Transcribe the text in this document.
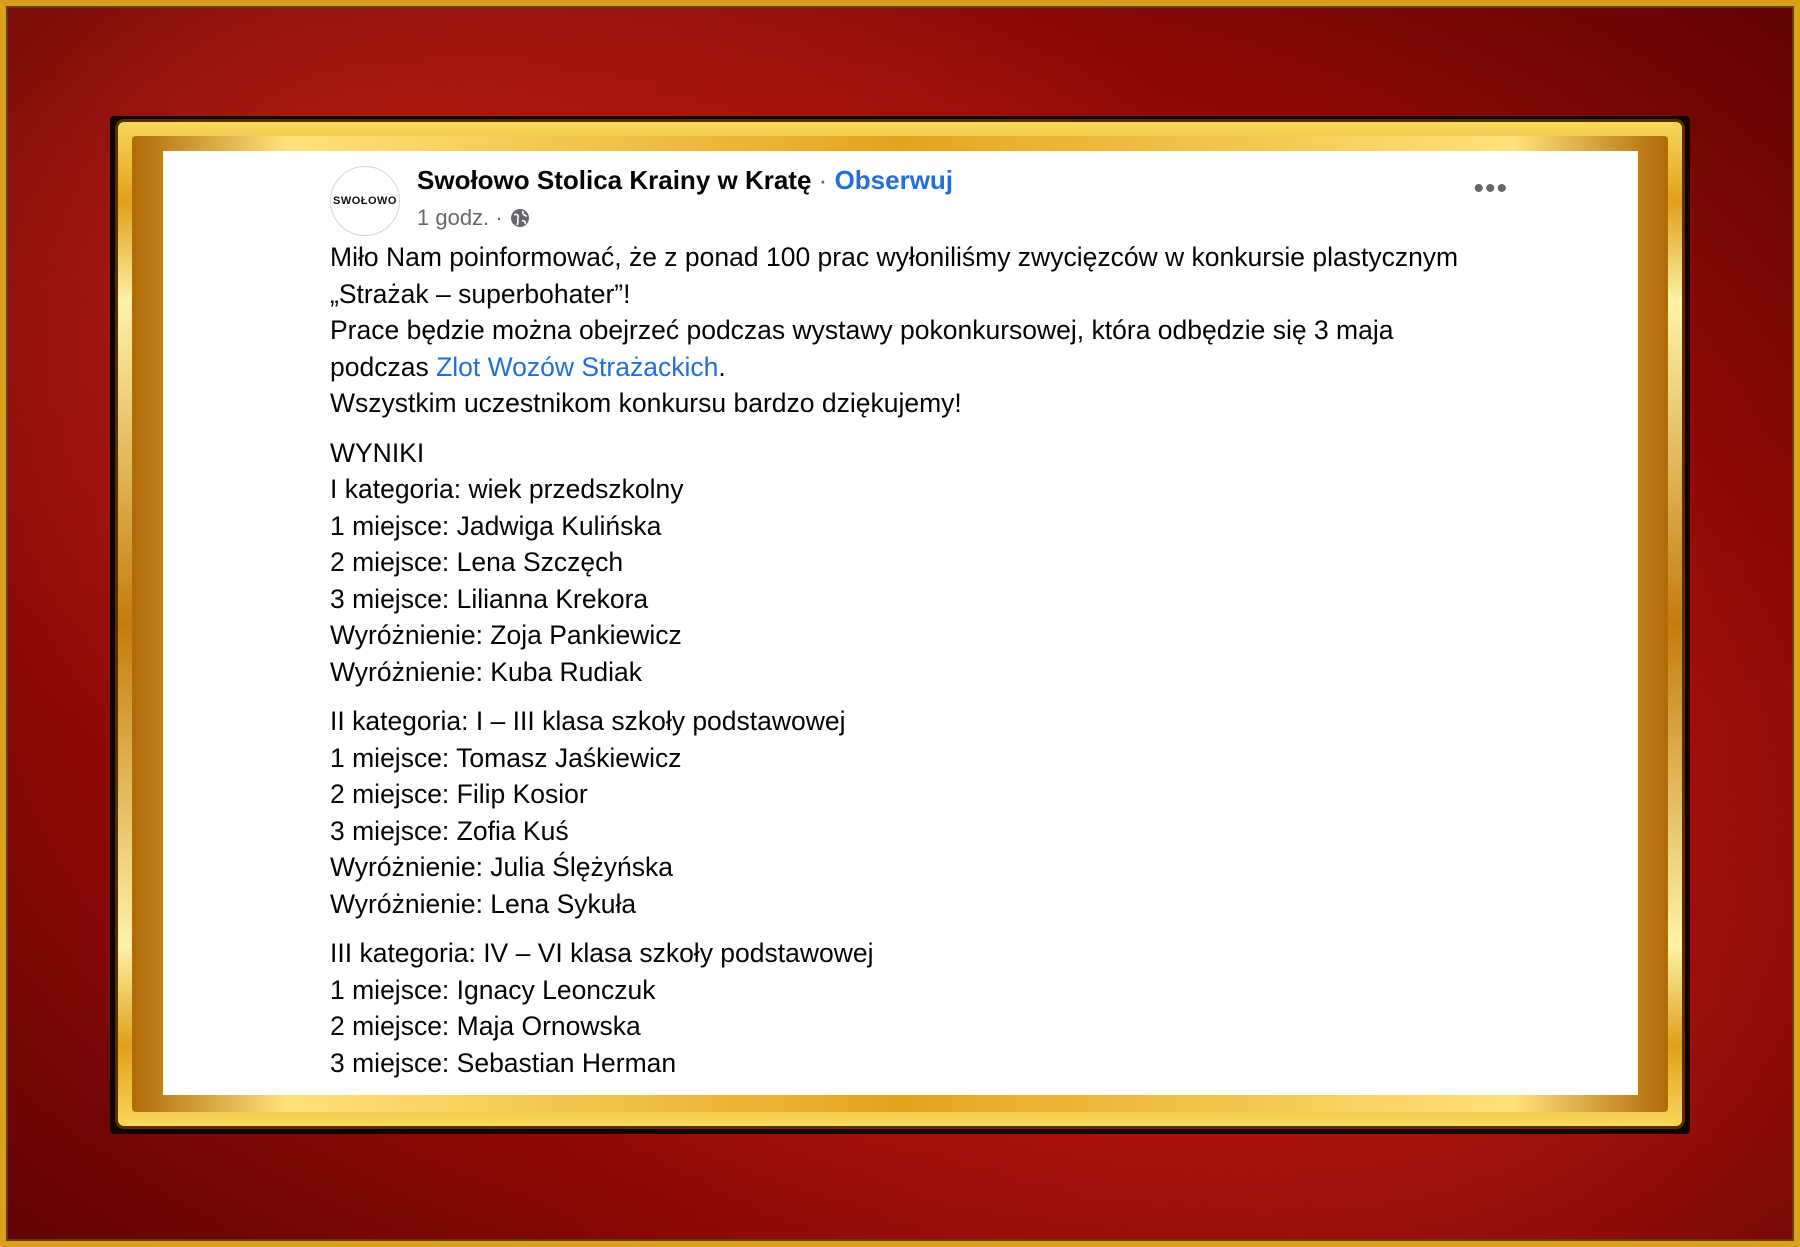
SWOŁOWO
Swołowo Stolica Krainy w Kratę · Obserwuj
1 godz. ·
•••

Miło Nam poinformować, że z ponad 100 prac wyłoniliśmy zwycięzców w konkursie plastycznym

„Strażak – superbohater”!

Prace będzie można obejrzeć podczas wystawy pokonkursowej, która odbędzie się 3 maja

podczas Zlot Wozów Strażackich.

Wszystkim uczestnikom konkursu bardzo dziękujemy!

WYNIKI

I kategoria: wiek przedszkolny

1 miejsce: Jadwiga Kulińska

2 miejsce: Lena Szczęch

3 miejsce: Lilianna Krekora

Wyróżnienie: Zoja Pankiewicz

Wyróżnienie: Kuba Rudiak

II kategoria: I – III klasa szkoły podstawowej

1 miejsce: Tomasz Jaśkiewicz

2 miejsce: Filip Kosior

3 miejsce: Zofia Kuś

Wyróżnienie: Julia Ślężyńska

Wyróżnienie: Lena Sykuła

III kategoria: IV – VI klasa szkoły podstawowej

1 miejsce: Ignacy Leonczuk

2 miejsce: Maja Ornowska

3 miejsce: Sebastian Herman
